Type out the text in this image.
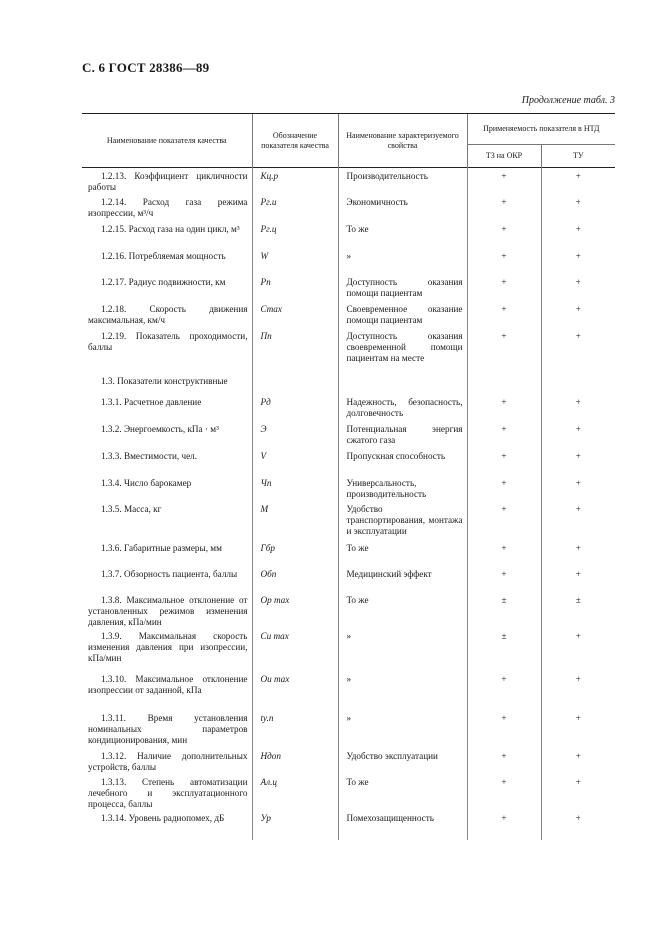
С. 6 ГОСТ 28386—89
Продолжение табл. 3
Наименование показателя качества	Обозначение показателя качества	Наименование характеризуемого свойства	Применяемость показателя в НТД	
			ТЗ на ОКР	ТУ
1.2.13. Коэффициент цикличности работы	Kц.р	Производительность	+	+
1.2.14. Расход газа режима изопрессии, м³/ч	Pг.и	Экономичность	+	+
1.2.15. Расход газа на один цикл, м³	Pг.ц	То же	+	+
1.2.16. Потребляемая мощность	W	»	+	+
1.2.17. Радиус подвижности, км	Pп	Доступность оказания помощи пациентам	+	+
1.2.18. Скорость движения максимальная, км/ч	Cmax	Своевременное оказание помощи пациентам	+	+
1.2.19. Показатель проходимости, баллы	Пп	Доступность оказания своевременной помощи пациентам на месте	+	+
1.3. Показатели конструктивные				
1.3.1. Расчетное давление	Pд	Надежность, безопасность, долговечность	+	+
1.3.2. Энергоемкость, кПа · м³	Э	Потенциальная энергия сжатого газа	+	+
1.3.3. Вместимости, чел.	V	Пропускная способность	+	+
1.3.4. Число барокамер	Чп	Универсальность, производительность	+	+
1.3.5. Масса, кг	M	Удобство транспортирования, монтажа и эксплуатации	+	+
1.3.6. Габаритные размеры, мм	Гбр	То же	+	+
1.3.7. Обзорность пациента, баллы	Обп	Медицинский эффект	+	+
1.3.8. Максимальное отклонение от установленных режимов изменения давления, кПа/мин	Op max	То же	±	±
1.3.9. Максимальная скорость изменения давления при изопрессии, кПа/мин	Cи max	»	±	+
1.3.10. Максимальное отклонение изопрессии от заданной, кПа	Oи max	»	+	+
1.3.11. Время установления номинальных параметров кондиционирования, мин	tу.п	»	+	+
1.3.12. Наличие дополнительных устройств, баллы	Hдоп	Удобство эксплуатации	+	+
1.3.13. Степень автоматизации лечебного и эксплуатационного процесса, баллы	Aл.ц	То же	+	+
1.3.14. Уровень радиопомех, дБ	Ур	Помехозащищенность	+	+
